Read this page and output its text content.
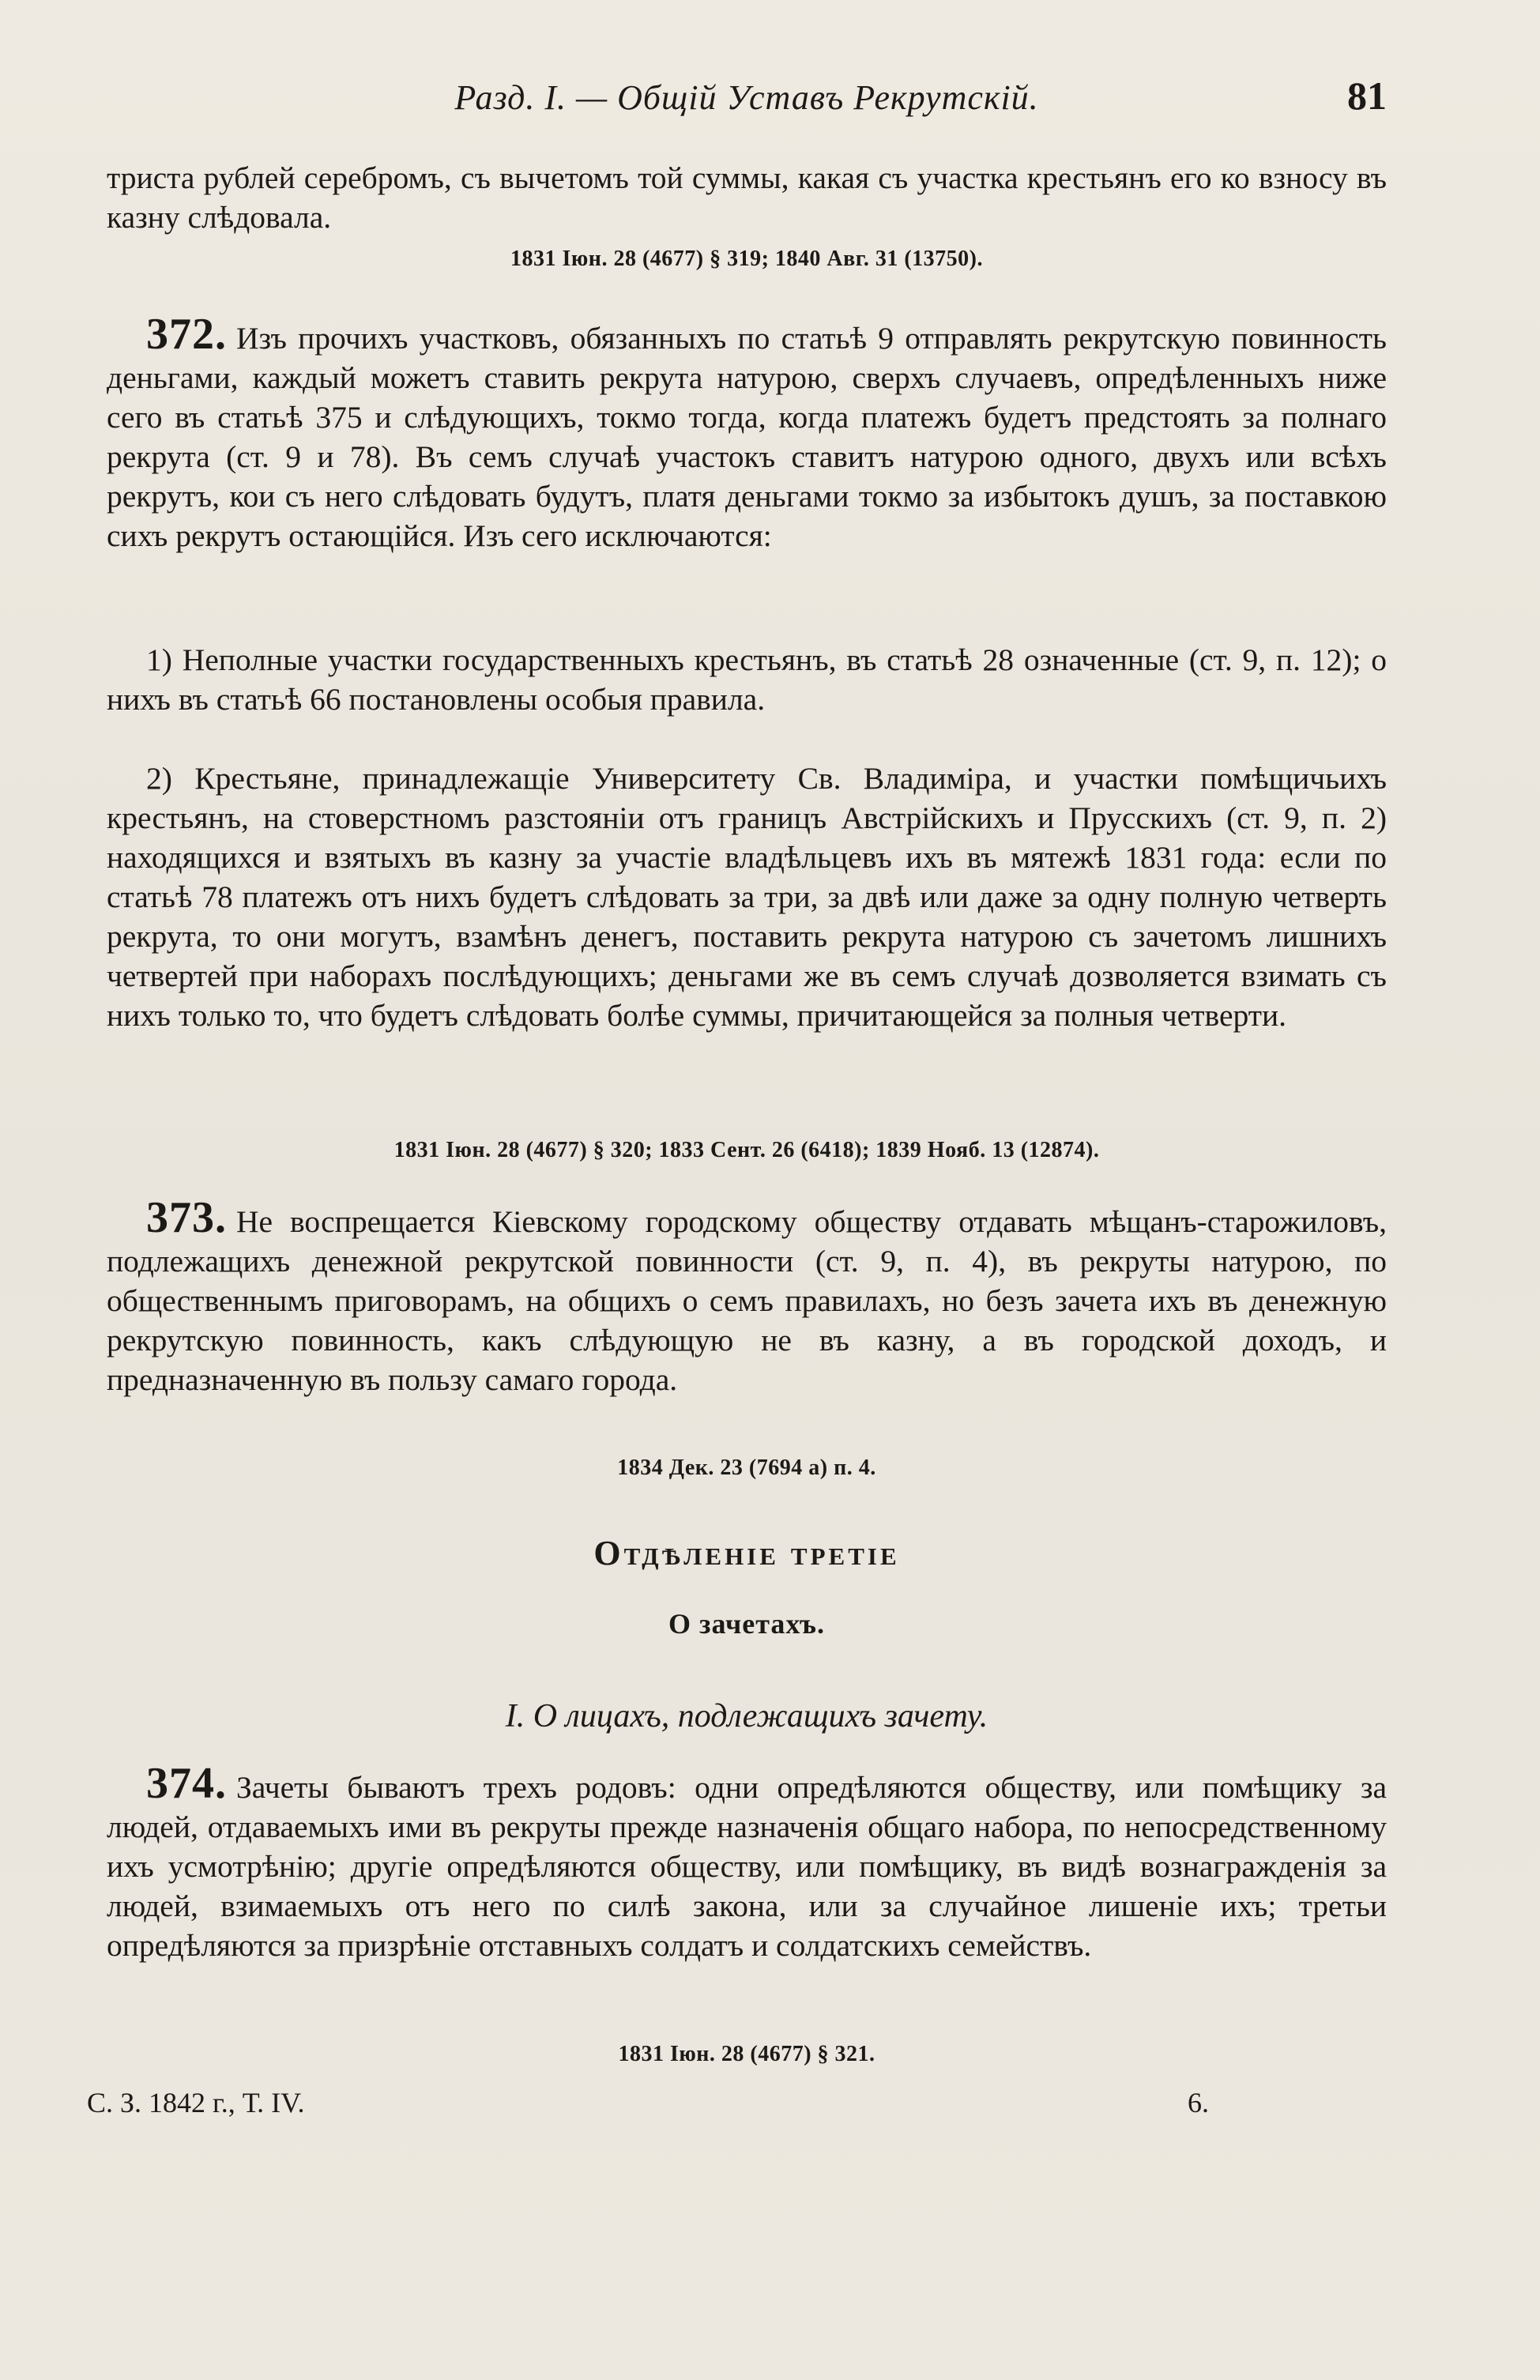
Разд. I. — Общій Уставъ Рекрутскій.	81
триста рублей серебромъ, съ вычетомъ той суммы, какая съ участка крестьянъ его ко взносу въ казну слѣдовала.
1831 Іюн. 28 (4677) § 319; 1840 Авг. 31 (13750).
372. Изъ прочихъ участковъ, обязанныхъ по статьѣ 9 отправлять рекрутскую повинность деньгами, каждый можетъ ставить рекрута натурою, сверхъ случаевъ, опредѣленныхъ ниже сего въ статьѣ 375 и слѣдующихъ, токмо тогда, когда платежъ будетъ предстоять за полнаго рекрута (ст. 9 и 78). Въ семъ случаѣ участокъ ставитъ натурою одного, двухъ или всѣхъ рекрутъ, кои съ него слѣдовать будутъ, платя деньгами токмо за избытокъ душъ, за поставкою сихъ рекрутъ остающійся. Изъ сего исключаются:
1) Неполные участки государственныхъ крестьянъ, въ статьѣ 28 означенные (ст. 9, п. 12); о нихъ въ статьѣ 66 постановлены особыя правила.
2) Крестьяне, принадлежащіе Университету Св. Владиміра, и участки помѣщичьихъ крестьянъ, на стоверстномъ разстояніи отъ границъ Австрійскихъ и Прусскихъ (ст. 9, п. 2) находящихся и взятыхъ въ казну за участіе владѣльцевъ ихъ въ мятежѣ 1831 года: если по статьѣ 78 платежъ отъ нихъ будетъ слѣдовать за три, за двѣ или даже за одну полную четверть рекрута, то они могутъ, взамѣнъ денегъ, поставить рекрута натурою съ зачетомъ лишнихъ четвертей при наборахъ послѣдующихъ; деньгами же въ семъ случаѣ дозволяется взимать съ нихъ только то, что будетъ слѣдовать болѣе суммы, причитающейся за полныя четверти.
1831 Іюн. 28 (4677) § 320; 1833 Сент. 26 (6418); 1839 Нояб. 13 (12874).
373. Не воспрещается Кіевскому городскому обществу отдавать мѣщанъ-старожиловъ, подлежащихъ денежной рекрутской повинности (ст. 9, п. 4), въ рекруты натурою, по общественнымъ приговорамъ, на общихъ о семъ правилахъ, но безъ зачета ихъ въ денежную рекрутскую повинность, какъ слѣдующую не въ казну, а въ городской доходъ, и предназначенную въ пользу самаго города.
1834 Дек. 23 (7694 а) п. 4.
Отдѣленіе третіе
О зачетахъ.
I. О лицахъ, подлежащихъ зачету.
374. Зачеты бываютъ трехъ родовъ: одни опредѣляются обществу, или помѣщику за людей, отдаваемыхъ ими въ рекруты прежде назначенія общаго набора, по непосредственному ихъ усмотрѣнію; другіе опредѣляются обществу, или помѣщику, въ видѣ вознагражденія за людей, взимаемыхъ отъ него по силѣ закона, или за случайное лишеніе ихъ; третьи опредѣляются за призрѣніе отставныхъ солдатъ и солдатскихъ семействъ.
1831 Іюн. 28 (4677) § 321.
С. З. 1842 г., Т. IV.	6.
